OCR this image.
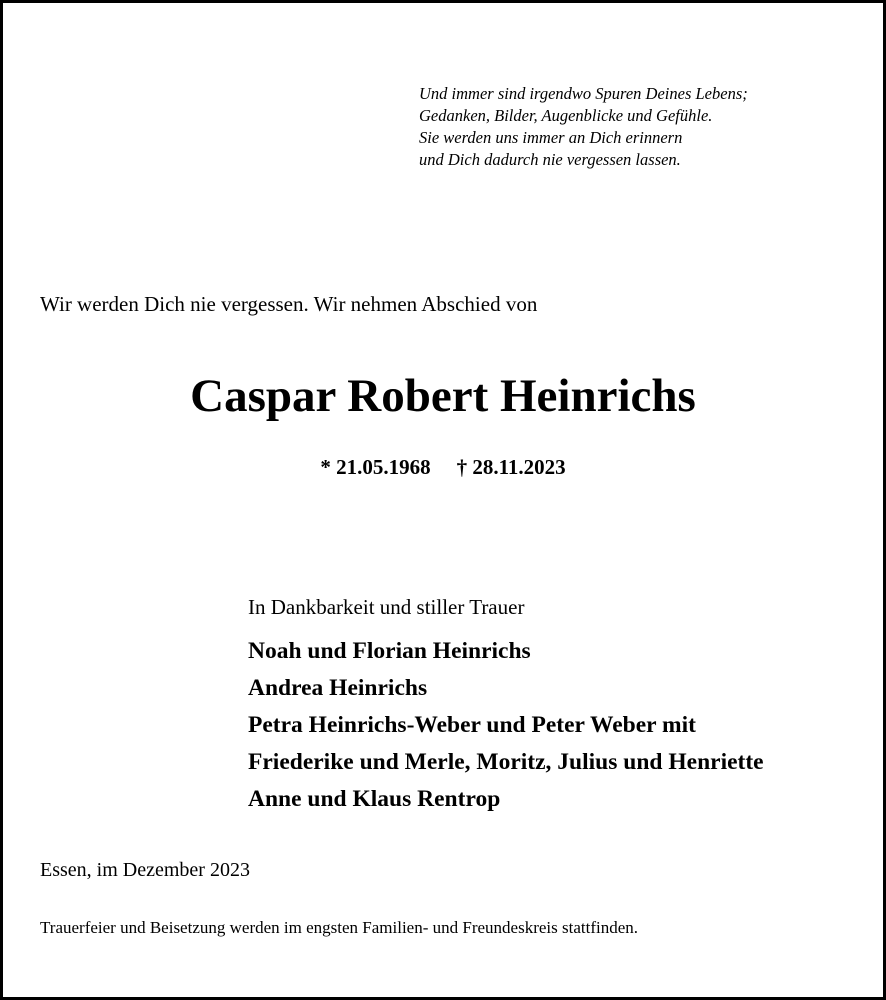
Und immer sind irgendwo Spuren Deines Lebens;
Gedanken, Bilder, Augenblicke und Gefühle.
Sie werden uns immer an Dich erinnern
und Dich dadurch nie vergessen lassen.
Wir werden Dich nie vergessen. Wir nehmen Abschied von
Caspar Robert Heinrichs
* 21.05.1968 † 28.11.2023
In Dankbarkeit und stiller Trauer
Noah und Florian Heinrichs
Andrea Heinrichs
Petra Heinrichs-Weber und Peter Weber mit
Friederike und Merle, Moritz, Julius und Henriette
Anne und Klaus Rentrop
Essen, im Dezember 2023
Trauerfeier und Beisetzung werden im engsten Familien- und Freundeskreis stattfinden.
